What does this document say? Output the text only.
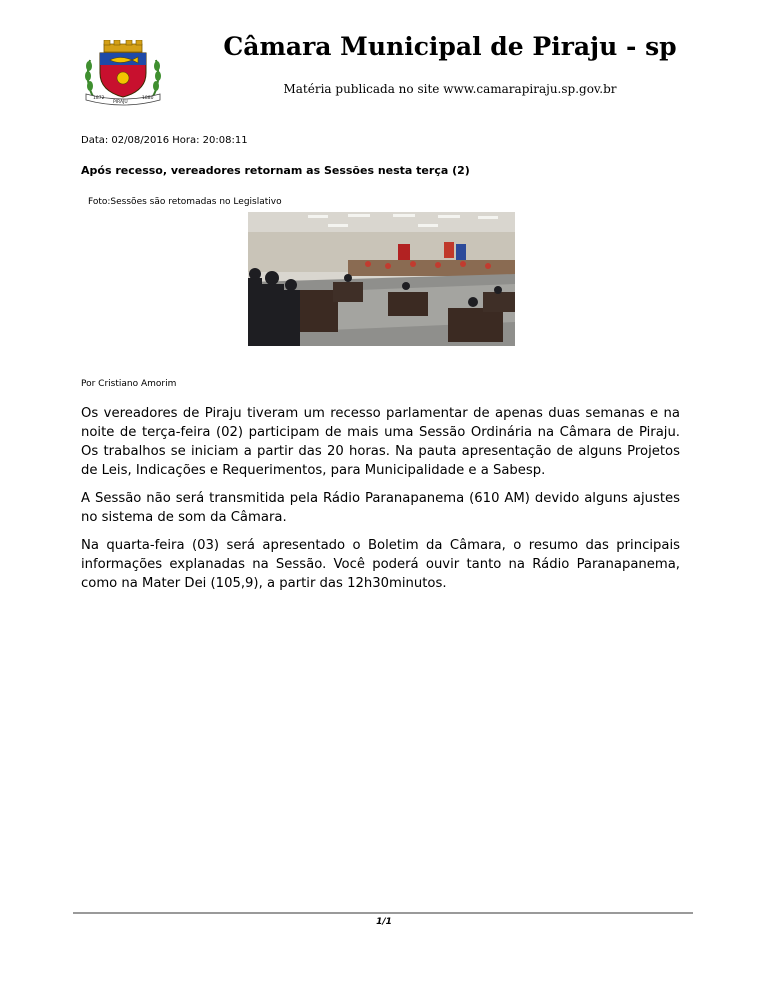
1872
PIRAJU
1880
Câmara Municipal de Piraju - sp
Matéria publicada no site www.camarapiraju.sp.gov.br
Data: 02/08/2016 Hora: 20:08:11
Após recesso, vereadores retornam as Sessões nesta terça (2)
Foto:Sessões são retomadas no Legislativo
Por Cristiano Amorim

Os vereadores de Piraju tiveram um recesso parlamentar de apenas duas semanas e na noite de terça-feira (02) participam de mais uma Sessão Ordinária na Câmara de Piraju. Os trabalhos se iniciam a partir das 20 horas. Na pauta apresentação de alguns Projetos de Leis, Indicações e Requerimentos, para Municipalidade e a Sabesp.

A Sessão não será transmitida pela Rádio Paranapanema (610 AM) devido alguns ajustes no sistema de som da Câmara.

Na quarta-feira (03) será apresentado o Boletim da Câmara, o resumo das principais informações explanadas na Sessão. Você poderá ouvir tanto na Rádio Paranapanema, como na Mater Dei (105,9), a partir das 12h30minutos.

1/1
